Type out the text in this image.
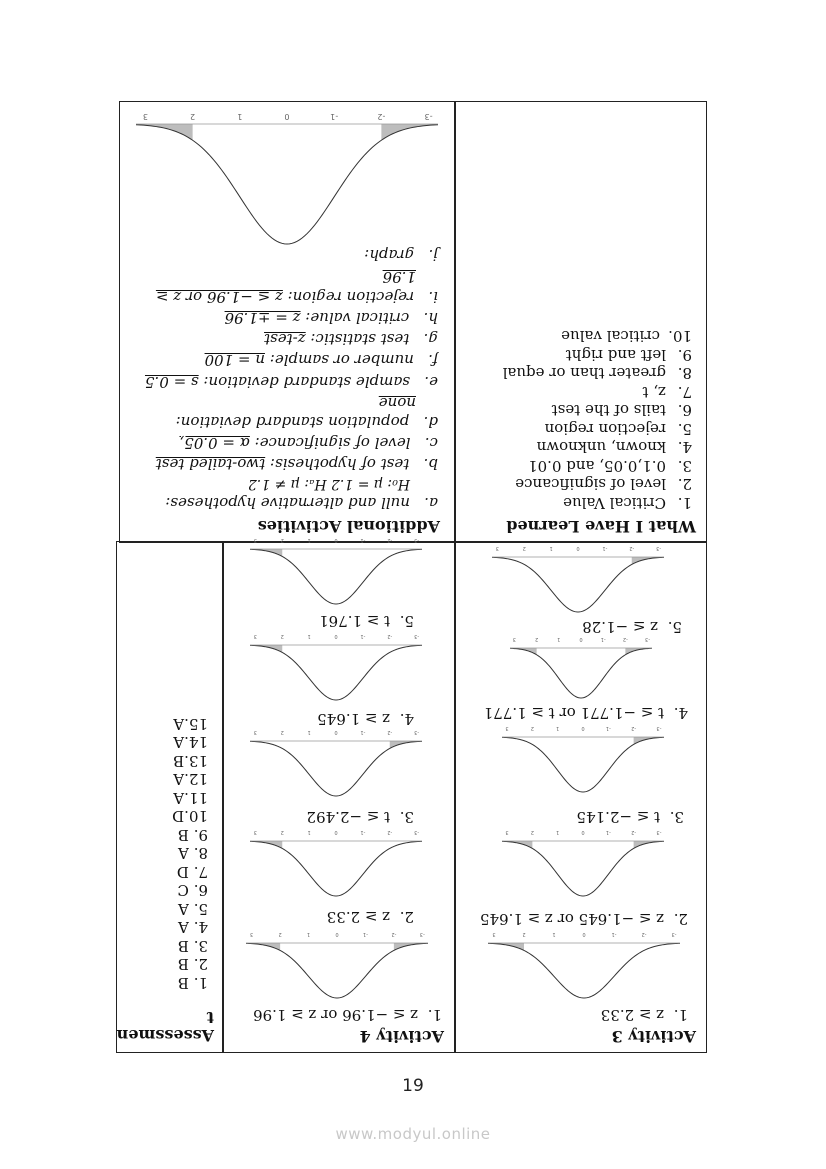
Additional Activities
a.   null and alternative hypotheses:
H₀: μ = 1.2 Hₐ: μ ≠ 1.2
b.   test of hypothesis: two-tailed test
c.   level of significance: α = 0.05,
d.   population standard deviation:
none
e.   sample standard deviation: s = 0.5
f.   number or sample: n = 100
g.   test statistic: z-test
h.   critical value: z = ±1.96
i.   rejection region: z ≤ −1.96 or z ≥
1.96
j.   graph:
-3
-2
-1
0
1
2
3
What I Have Learned
1.Critical Value
2.level of significance
3.0.1,0.05, and 0.01
4.known, unknown
5.rejection region
6.tails of the test
7.z, t
8.greater than or equal
9.left and right
10.critical value
Activity 3
1.  z ≥ 2.33
-3
-2
-1
0
1
2
3
2.  z ≤ −1.645 or z ≥ 1.645
-3
-2
-1
0
1
2
3
3.  t ≤ −2.145
-3
-2
-1
0
1
2
3
4.  t ≤ −1.771 or t ≥ 1.771
-3
-2
-1
0
1
2
3
5.  z ≤ −1.28
-3
-2
-1
0
1
2
3
Activity 4
1.  z ≤ −1.96 or z ≥ 1.96
-3
-2
-1
0
1
2
3
2.  z ≥ 2.33
-3
-2
-1
0
1
2
3
3.  t ≤ −2.492
-3
-2
-1
0
1
2
3
4.  z ≥ 1.645
-3
-2
-1
0
1
2
3
5.  t ≥ 1.761
-3
-2
-1
0
1
2
3
Assessmen
t
1. B
2. B
3. B
4. A
5. A
6. C
7. D
8. A
9. B
10.D
11.A
12.A
13.B
14.A
15.A
19
www.modyul.online
